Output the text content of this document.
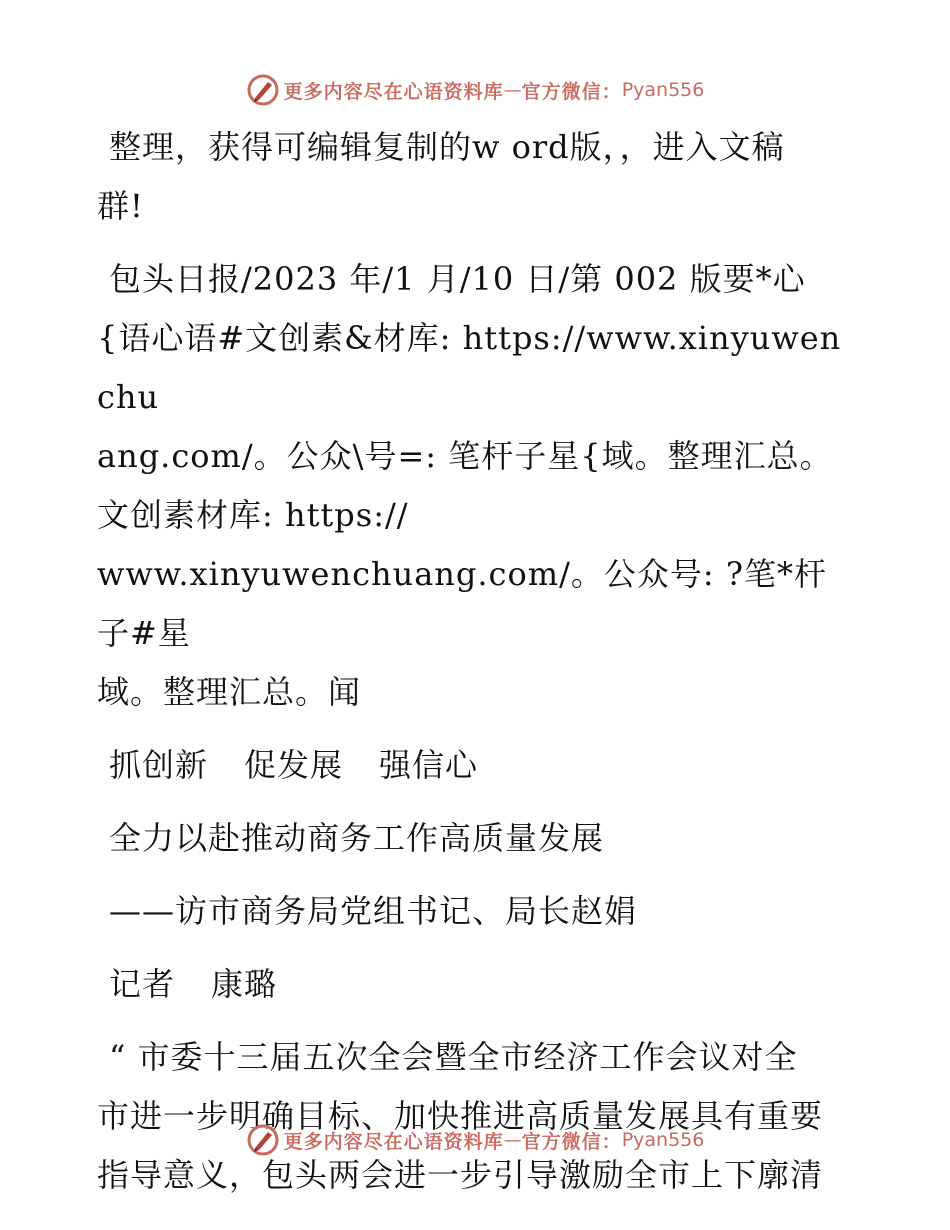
更多内容尽在心语资料库 — 官方微信： Pyan556

整理，获得可编辑复制的w ord版，，进入文稿

群!

包头日报/2023 年/1 月/10 日/第 002 版要*心

{语心语#文创素&材库: https://www.xinyuwenchu

ang.com/。公众\号=: 笔杆子星{域。整理汇总。

文创素材库: https://

www.xinyuwenchuang.com/。公众号: ?笔*杆子#星

域。整理汇总。闻

抓创新 促发展 强信心

全力以赴推动商务工作高质量发展

——访市商务局党组书记、局长赵娟

记者 康璐

“ 市委十三届五次全会暨全市经济工作会议对全

市进一步明确目标、加快推进高质量发展具有重要

指导意义，包头两会进一步引导激励全市上下廓清

更多内容尽在心语资料库 — 官方微信： Pyan556
